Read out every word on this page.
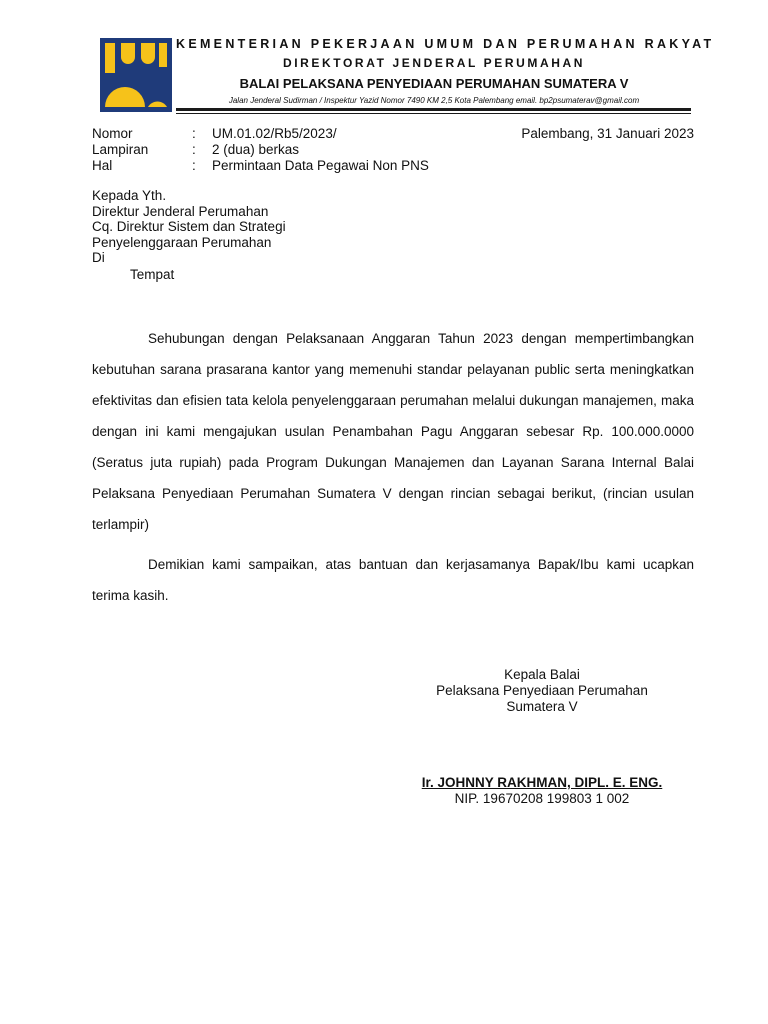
KEMENTERIAN PEKERJAAN UMUM DAN PERUMAHAN RAKYAT
DIREKTORAT JENDERAL PERUMAHAN
BALAI PELAKSANA PENYEDIAAN PERUMAHAN SUMATERA V
Jalan Jenderal Sudirman / Inspektur Yazid Nomor 7490 KM 2,5 Kota Palembang email. bp2psumaterav@gmail.com
Nomor	:	UM.01.02/Rb5/2023/
Lampiran	:	2 (dua) berkas
Hal	:	Permintaan Data Pegawai Non PNS
Palembang, 31 Januari 2023
Kepada Yth.
Direktur Jenderal Perumahan
Cq. Direktur Sistem dan Strategi
Penyelenggaraan Perumahan
Di
Tempat

Sehubungan dengan Pelaksanaan Anggaran Tahun 2023 dengan mempertimbangkan kebutuhan sarana prasarana kantor yang memenuhi standar pelayanan public serta meningkatkan efektivitas dan efisien tata kelola penyelenggaraan perumahan melalui dukungan manajemen, maka dengan ini kami mengajukan usulan Penambahan Pagu Anggaran sebesar Rp. 100.000.0000 (Seratus juta rupiah) pada Program Dukungan Manajemen dan Layanan Sarana Internal Balai Pelaksana Penyediaan Perumahan Sumatera V dengan rincian sebagai berikut, (rincian usulan terlampir)

Demikian kami sampaikan, atas bantuan dan kerjasamanya Bapak/Ibu kami ucapkan terima kasih.

Kepala Balai
Pelaksana Penyediaan Perumahan
Sumatera V
Ir. JOHNNY RAKHMAN, DIPL. E. ENG.
NIP. 19670208 199803 1 002
